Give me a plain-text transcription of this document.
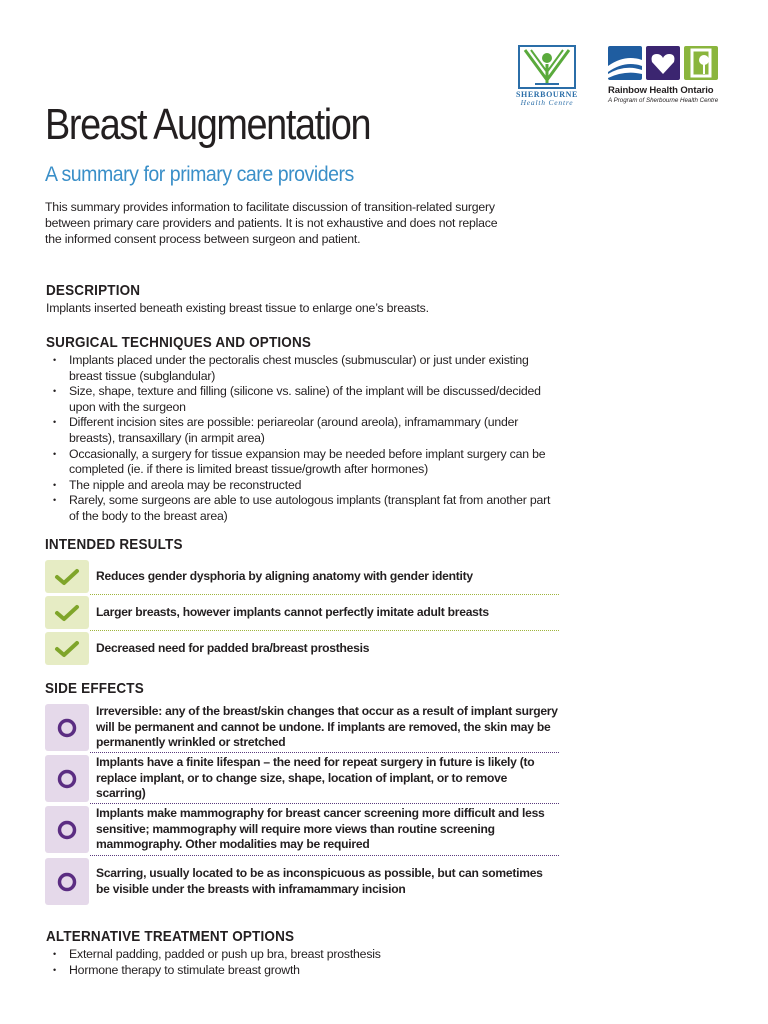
SHERBOURNE
Health Centre
Rainbow Health Ontario
A Program of Sherbourne Health Centre
Breast Augmentation
A summary for primary care providers

This summary provides information to facilitate discussion of transition-related surgery between primary care providers and patients. It is not exhaustive and does not replace the informed consent process between surgeon and patient.

DESCRIPTION

Implants inserted beneath existing breast tissue to enlarge one’s breasts.

SURGICAL TECHNIQUES AND OPTIONS
• Implants placed under the pectoralis chest muscles (submuscular) or just under existing breast tissue (subglandular)
• Size, shape, texture and filling (silicone vs. saline) of the implant will be discussed/decided upon with the surgeon
• Different incision sites are possible: periareolar (around areola), inframammary (under breasts), transaxillary (in armpit area)
• Occasionally, a surgery for tissue expansion may be needed before implant surgery can be completed (ie. if there is limited breast tissue/growth after hormones)
• The nipple and areola may be reconstructed
• Rarely, some surgeons are able to use autologous implants (transplant fat from another part of the body to the breast area)
INTENDED RESULTS
Reduces gender dysphoria by aligning anatomy with gender identity
Larger breasts, however implants cannot perfectly imitate adult breasts
Decreased need for padded bra/breast prosthesis
SIDE EFFECTS
Irreversible: any of the breast/skin changes that occur as a result of implant surgery will be permanent and cannot be undone. If implants are removed, the skin may be permanently wrinkled or stretched
Implants have a finite lifespan – the need for repeat surgery in future is likely (to replace implant, or to change size, shape, location of implant, or to remove scarring)
Implants make mammography for breast cancer screening more difficult and less sensitive; mammography will require more views than routine screening mammography. Other modalities may be required
Scarring, usually located to be as inconspicuous as possible, but can sometimes be visible under the breasts with inframammary incision
ALTERNATIVE TREATMENT OPTIONS
• External padding, padded or push up bra, breast prosthesis
• Hormone therapy to stimulate breast growth
